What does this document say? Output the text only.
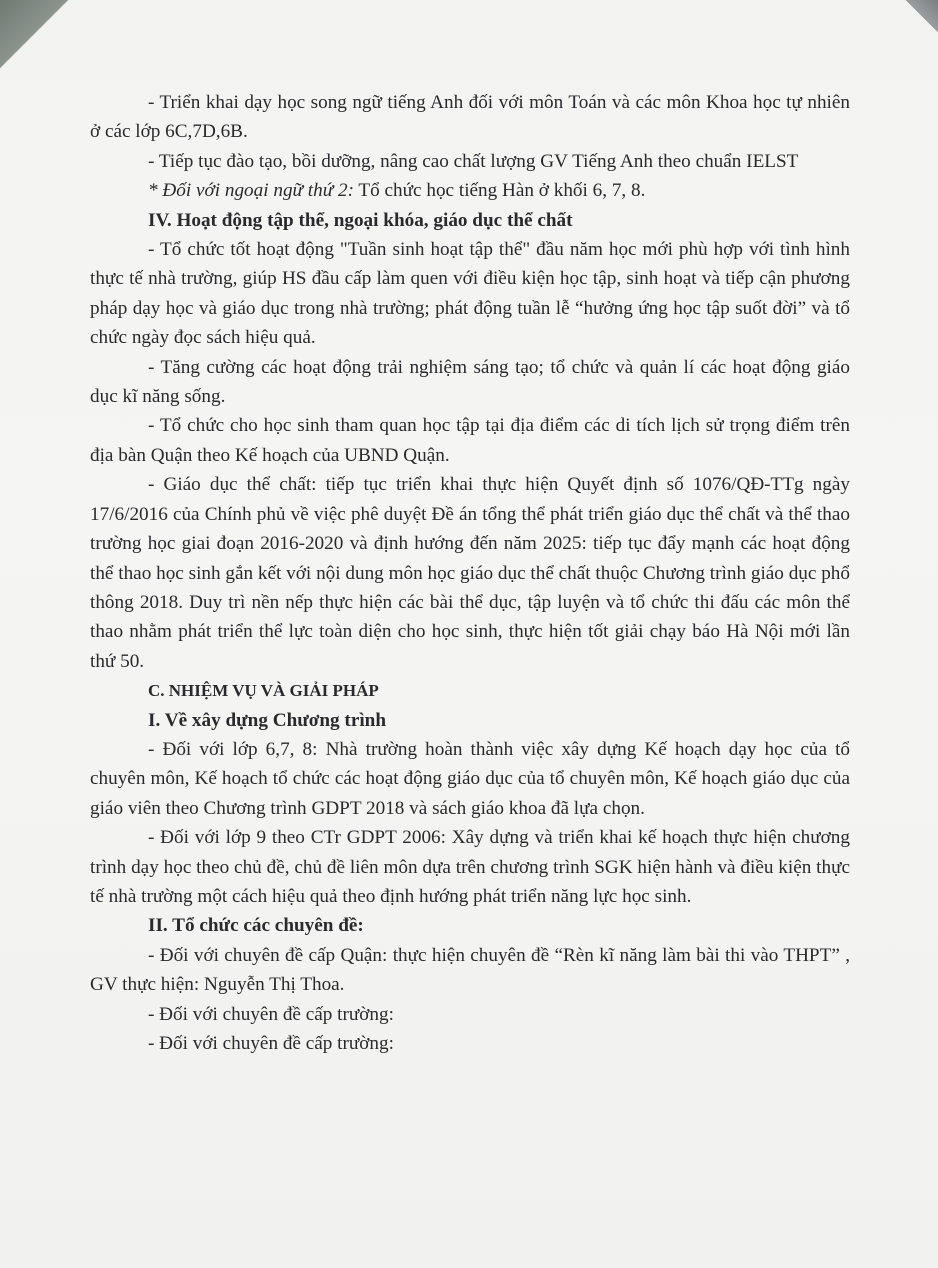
- Triển khai dạy học song ngữ tiếng Anh đối với môn Toán và các môn Khoa học tự nhiên ở các lớp 6C,7D,6B.

- Tiếp tục đào tạo, bồi dưỡng, nâng cao chất lượng GV Tiếng Anh theo chuẩn IELST

* Đối với ngoại ngữ thứ 2: Tổ chức học tiếng Hàn ở khối 6, 7, 8.

IV. Hoạt động tập thể, ngoại khóa, giáo dục thể chất

- Tổ chức tốt hoạt động "Tuần sinh hoạt tập thể" đầu năm học mới phù hợp với tình hình thực tế nhà trường, giúp HS đầu cấp làm quen với điều kiện học tập, sinh hoạt và tiếp cận phương pháp dạy học và giáo dục trong nhà trường; phát động tuần lễ “hưởng ứng học tập suốt đời” và tổ chức ngày đọc sách hiệu quả.

- Tăng cường các hoạt động trải nghiệm sáng tạo; tổ chức và quản lí các hoạt động giáo dục kĩ năng sống.

- Tổ chức cho học sinh tham quan học tập tại địa điểm các di tích lịch sử trọng điểm trên địa bàn Quận theo Kế hoạch của UBND Quận.

- Giáo dục thể chất: tiếp tục triển khai thực hiện Quyết định số 1076/QĐ-TTg ngày 17/6/2016 của Chính phủ về việc phê duyệt Đề án tổng thể phát triển giáo dục thể chất và thể thao trường học giai đoạn 2016-2020 và định hướng đến năm 2025: tiếp tục đẩy mạnh các hoạt động thể thao học sinh gắn kết với nội dung môn học giáo dục thể chất thuộc Chương trình giáo dục phổ thông 2018. Duy trì nền nếp thực hiện các bài thể dục, tập luyện và tổ chức thi đấu các môn thể thao nhằm phát triển thể lực toàn diện cho học sinh, thực hiện tốt giải chạy báo Hà Nội mới lần thứ 50.

C. NHIỆM VỤ VÀ GIẢI PHÁP

I. Về xây dựng Chương trình

- Đối với lớp 6,7, 8: Nhà trường hoàn thành việc xây dựng Kế hoạch dạy học của tổ chuyên môn, Kế hoạch tổ chức các hoạt động giáo dục của tổ chuyên môn, Kế hoạch giáo dục của giáo viên theo Chương trình GDPT 2018 và sách giáo khoa đã lựa chọn.

- Đối với lớp 9 theo CTr GDPT 2006: Xây dựng và triển khai kế hoạch thực hiện chương trình dạy học theo chủ đề, chủ đề liên môn dựa trên chương trình SGK hiện hành và điều kiện thực tế nhà trường một cách hiệu quả theo định hướng phát triển năng lực học sinh.

II. Tổ chức các chuyên đề:

- Đối với chuyên đề cấp Quận: thực hiện chuyên đề “Rèn kĩ năng làm bài thi vào THPT” , GV thực hiện: Nguyễn Thị Thoa.

- Đối với chuyên đề cấp trường:

- Đối với chuyên đề cấp trường:
